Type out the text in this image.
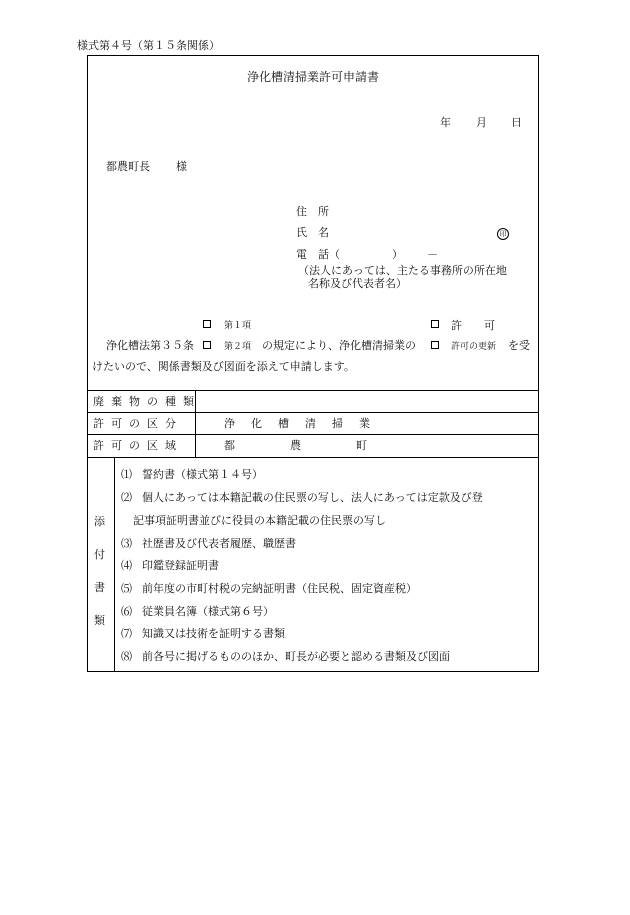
様式第４号（第１５条関係）
浄化槽清掃業許可申請書
年 月 日
都農町長 様
住　所
氏　名	印
電　話（	） －
（法人にあっては、主たる事務所の所在地
名称及び代表者名）
第１項	許　　可
浄化槽法第３５条	第２項 の規定により、浄化槽清掃業の	許可の更新 を受
けたいので、関係書類及び図面を添えて申請します。
廃棄物の種類
許可の区分	浄化槽清掃業
許可の区域	都　　　　　農　　　　　町
添
付
書
類
⑴ 誓約書（様式第１４号）
⑵ 個人にあっては本籍記載の住民票の写し、法人にあっては定款及び登
記事項証明書並びに役員の本籍記載の住民票の写し
⑶ 社歴書及び代表者履歴、職歴書
⑷ 印鑑登録証明書
⑸ 前年度の市町村税の完納証明書（住民税、固定資産税）
⑹ 従業員名簿（様式第６号）
⑺ 知識又は技術を証明する書類
⑻ 前各号に掲げるもののほか、町長が必要と認める書類及び図面
